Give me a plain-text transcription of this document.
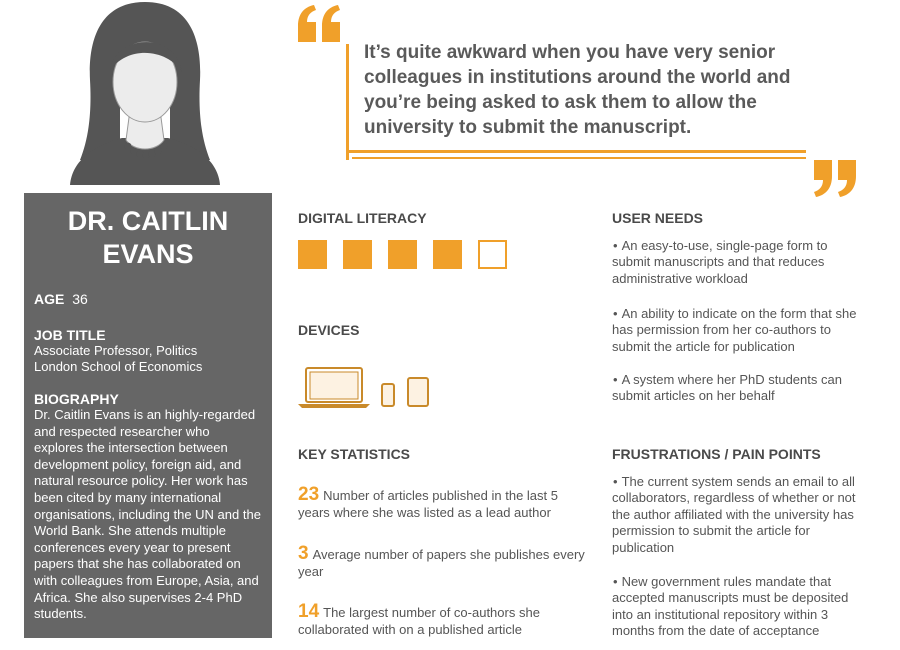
DR. CAITLIN EVANS
AGE 36
JOB TITLE
Associate Professor, Politics
London School of Economics
BIOGRAPHY
Dr. Caitlin Evans is an highly-regarded and respected researcher who explores the intersection between development policy, foreign aid, and natural resource policy. Her work has been cited by many international organisations, including the UN and the World Bank. She attends multiple conferences every year to present papers that she has collaborated on with colleagues from Europe, Asia, and Africa. She also supervises 2-4 PhD students.
It’s quite awkward when you have very senior colleagues in institutions around the world and you’re being asked to ask them to allow the university to submit the manuscript.
DIGITAL LITERACY
DEVICES
KEY STATISTICS
23 Number of articles published in the last 5 years where she was listed as a lead author
3 Average number of papers she publishes every year
14 The largest number of co-authors she collaborated with on a published article
USER NEEDS
• An easy-to-use, single-page form to submit manuscripts and that reduces administrative workload
• An ability to indicate on the form that she has permission from her co-authors to submit the article for publication
• A system where her PhD students can submit articles on her behalf
FRUSTRATIONS / PAIN POINTS
• The current system sends an email to all collaborators, regardless of whether or not the author affiliated with the university has permission to submit the article for publication
• New government rules mandate that accepted manuscripts must be deposited into an institutional repository within 3 months from the date of acceptance
